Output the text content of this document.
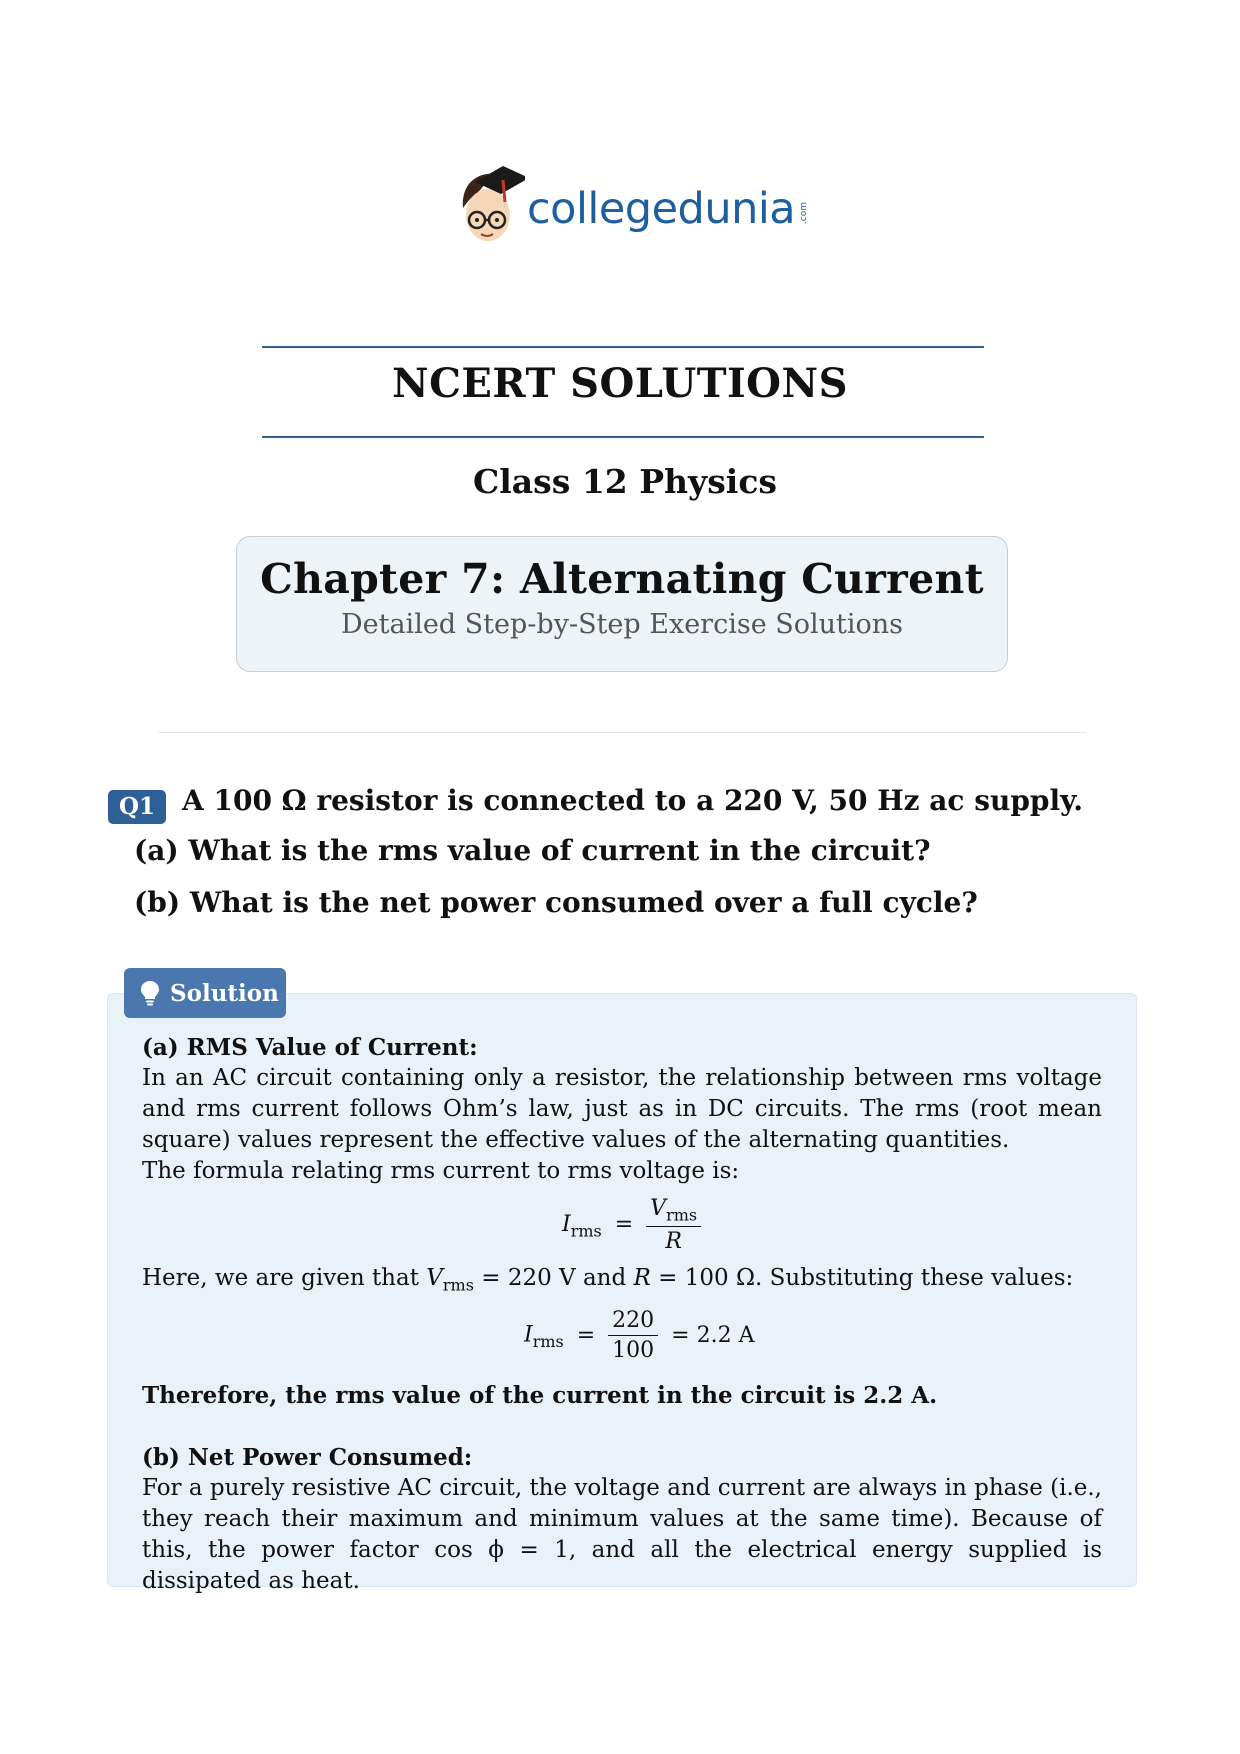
collegedunia .com
NCERT SOLUTIONS
Class 12 Physics
Chapter 7: Alternating Current
Detailed Step-by-Step Exercise Solutions
Q1 A 100 Ω resistor is connected to a 220 V, 50 Hz ac supply.
(a) What is the rms value of current in the circuit?
(b) What is the net power consumed over a full cycle?
Solution
(a) RMS Value of Current:
In an AC circuit containing only a resistor, the relationship between rms voltage and rms current follows Ohm’s law, just as in DC circuits. The rms (root mean square) values represent the effective values of the alternating quantities.
The formula relating rms current to rms voltage is:
$I_{rms} = \frac{V_{rms}}{R}$
Here, we are given that $V_{rms} = 220$ V and R = 100 Ω. Substituting these values:
$I_{rms} = \frac{220}{100} = 2.2$ A
Therefore, the rms value of the current in the circuit is 2.2 A.
(b) Net Power Consumed:
For a purely resistive AC circuit, the voltage and current are always in phase (i.e., they reach their maximum and minimum values at the same time). Because of this, the power factor cos ϕ = 1, and all the electrical energy supplied is dissipated as heat.
